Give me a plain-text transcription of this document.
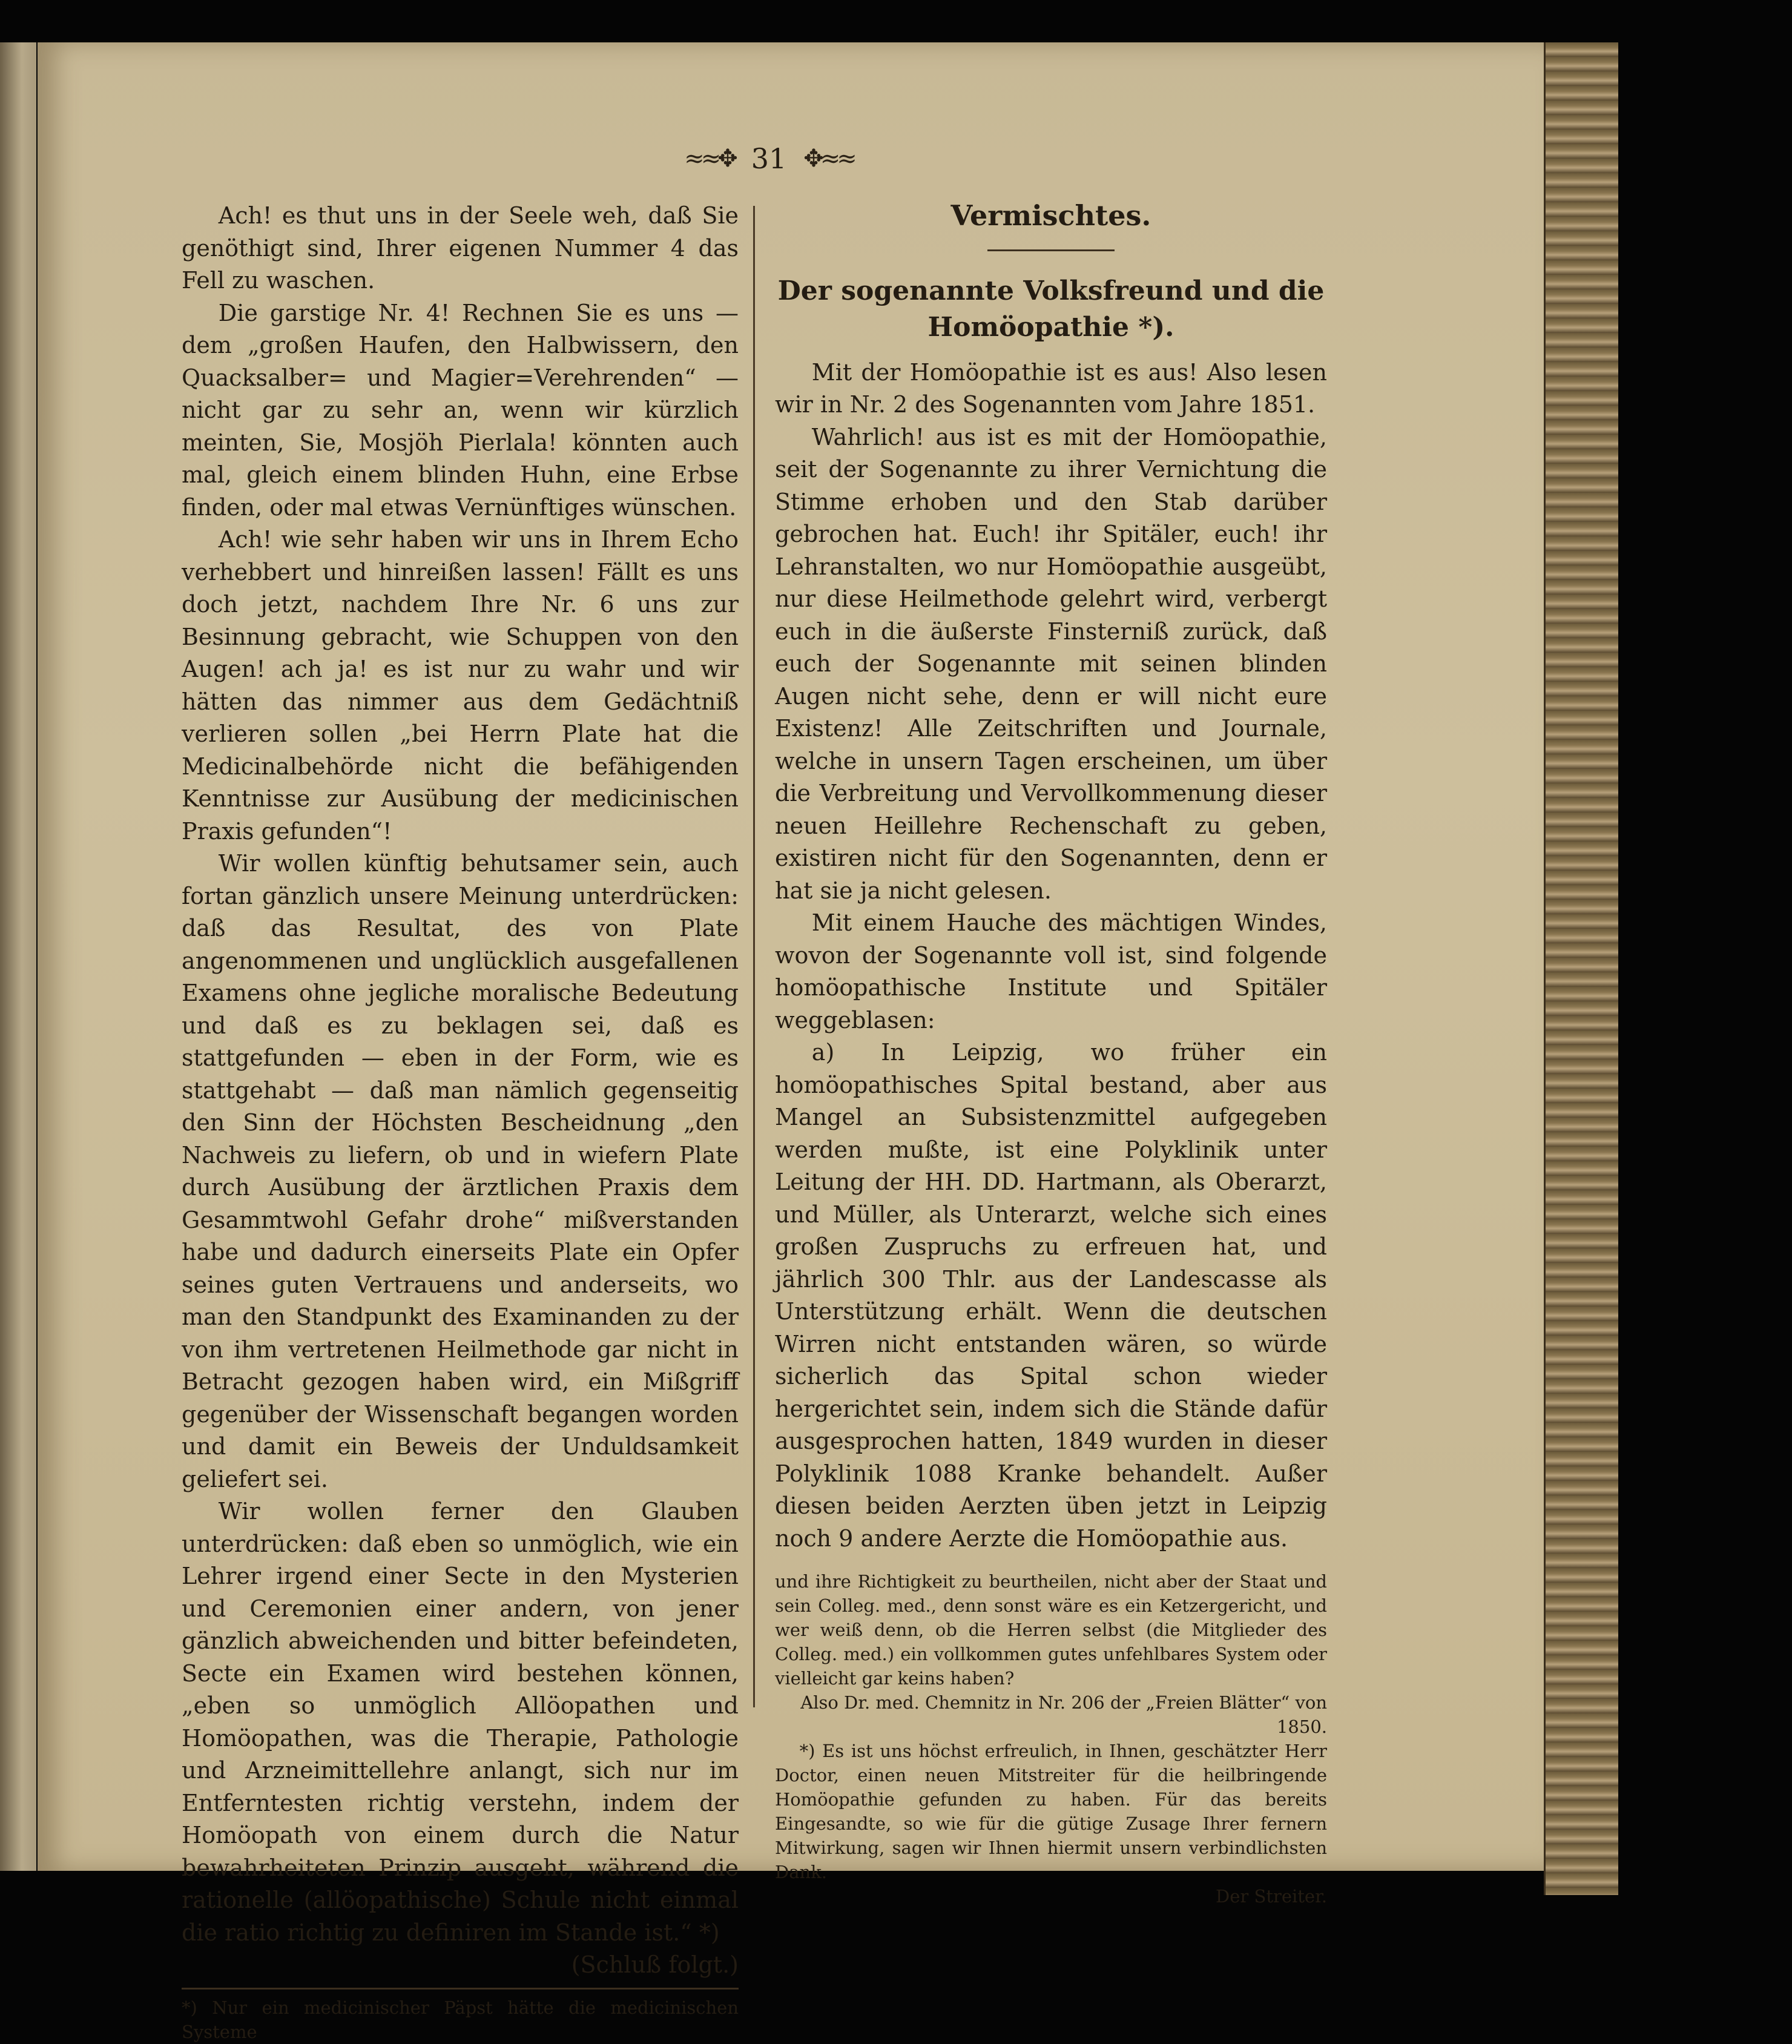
≈≈✥ 31 ✥≈≈

Ach! es thut uns in der Seele weh, daß Sie genöthigt sind, Ihrer eigenen Nummer 4 das Fell zu waschen.

Die garstige Nr. 4! Rechnen Sie es uns — dem „großen Haufen, den Halbwissern, den Quacksalber= und Magier=Verehrenden“ — nicht gar zu sehr an, wenn wir kürzlich meinten, Sie, Mosjöh Pierlala! könnten auch mal, gleich einem blinden Huhn, eine Erbse finden, oder mal etwas Vernünftiges wünschen.

Ach! wie sehr haben wir uns in Ihrem Echo verhebbert und hinreißen lassen! Fällt es uns doch jetzt, nachdem Ihre Nr. 6 uns zur Besinnung gebracht, wie Schuppen von den Augen! ach ja! es ist nur zu wahr und wir hätten das nimmer aus dem Gedächtniß verlieren sollen „bei Herrn Plate hat die Medicinalbehörde nicht die befähigenden Kenntnisse zur Ausübung der medicinischen Praxis gefunden“!

Wir wollen künftig behutsamer sein, auch fortan gänzlich unsere Meinung unterdrücken: daß das Resultat, des von Plate angenommenen und unglücklich ausgefallenen Examens ohne jegliche moralische Bedeutung und daß es zu beklagen sei, daß es stattgefunden — eben in der Form, wie es stattgehabt — daß man nämlich gegenseitig den Sinn der Höchsten Bescheidnung „den Nachweis zu liefern, ob und in wiefern Plate durch Ausübung der ärztlichen Praxis dem Gesammtwohl Gefahr drohe“ mißverstanden habe und dadurch einerseits Plate ein Opfer seines guten Vertrauens und anderseits, wo man den Standpunkt des Examinanden zu der von ihm vertretenen Heilmethode gar nicht in Betracht gezogen haben wird, ein Mißgriff gegenüber der Wissenschaft begangen worden und damit ein Beweis der Unduldsamkeit geliefert sei.

Wir wollen ferner den Glauben unterdrücken: daß eben so unmöglich, wie ein Lehrer irgend einer Secte in den Mysterien und Ceremonien einer andern, von jener gänzlich abweichenden und bitter befeindeten, Secte ein Examen wird bestehen können, „eben so unmöglich Allöopathen und Homöopathen, was die Therapie, Pathologie und Arzneimittellehre anlangt, sich nur im Entferntesten richtig verstehn, indem der Homöopath von einem durch die Natur bewahrheiteten Prinzip ausgeht, während die rationelle (allöopathische) Schule nicht einmal die ratio richtig zu definiren im Stande ist.“ *)

(Schluß folgt.)

*) Nur ein medicinischer Päpst hätte die medicinischen Systeme

Vermischtes.
Der sogenannte Volksfreund und die Homöopathie *).

Mit der Homöopathie ist es aus! Also lesen wir in Nr. 2 des Sogenannten vom Jahre 1851.

Wahrlich! aus ist es mit der Homöopathie, seit der Sogenannte zu ihrer Vernichtung die Stimme erhoben und den Stab darüber gebrochen hat. Euch! ihr Spitäler, euch! ihr Lehranstalten, wo nur Homöopathie ausgeübt, nur diese Heilmethode gelehrt wird, verbergt euch in die äußerste Finsterniß zurück, daß euch der Sogenannte mit seinen blinden Augen nicht sehe, denn er will nicht eure Existenz! Alle Zeitschriften und Journale, welche in unsern Tagen erscheinen, um über die Verbreitung und Vervollkommenung dieser neuen Heillehre Rechenschaft zu geben, existiren nicht für den Sogenannten, denn er hat sie ja nicht gelesen.

Mit einem Hauche des mächtigen Windes, wovon der Sogenannte voll ist, sind folgende homöopathische Institute und Spitäler weggeblasen:

a) In Leipzig, wo früher ein homöopathisches Spital bestand, aber aus Mangel an Subsistenzmittel aufgegeben werden mußte, ist eine Polyklinik unter Leitung der HH. DD. Hartmann, als Oberarzt, und Müller, als Unterarzt, welche sich eines großen Zuspruchs zu erfreuen hat, und jährlich 300 Thlr. aus der Landescasse als Unterstützung erhält. Wenn die deutschen Wirren nicht entstanden wären, so würde sicherlich das Spital schon wieder hergerichtet sein, indem sich die Stände dafür ausgesprochen hatten, 1849 wurden in dieser Polyklinik 1088 Kranke behandelt. Außer diesen beiden Aerzten üben jetzt in Leipzig noch 9 andere Aerzte die Homöopathie aus.

und ihre Richtigkeit zu beurtheilen, nicht aber der Staat und sein Colleg. med., denn sonst wäre es ein Ketzergericht, und wer weiß denn, ob die Herren selbst (die Mitglieder des Colleg. med.) ein vollkommen gutes unfehlbares System oder vielleicht gar keins haben?

Also Dr. med. Chemnitz in Nr. 206 der „Freien Blätter“ von 1850.

*) Es ist uns höchst erfreulich, in Ihnen, geschätzter Herr Doctor, einen neuen Mitstreiter für die heilbringende Homöopathie gefunden zu haben. Für das bereits Eingesandte, so wie für die gütige Zusage Ihrer fernern Mitwirkung, sagen wir Ihnen hiermit unsern verbindlichsten Dank.

Der Streiter.
